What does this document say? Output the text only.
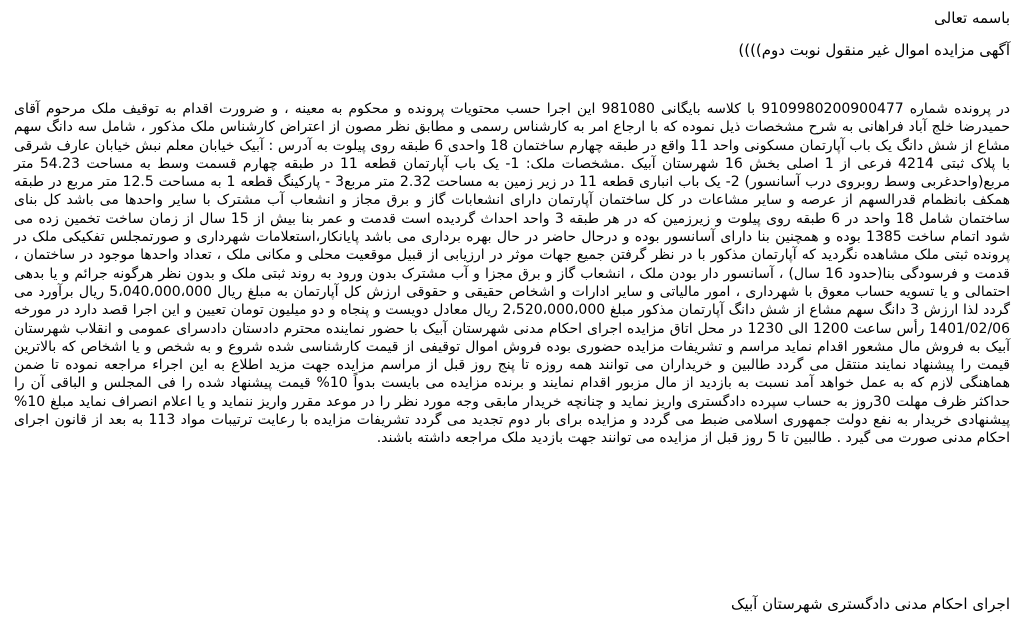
باسمه تعالی
آگهی مزایده اموال غیر منقول نوبت دوم))))
در پرونده شماره 9109980200900477 با کلاسه بایگانی 981080 این اجرا حسب محتویات پرونده و محکوم به معینه ، و ضرورت اقدام به توقیف ملک مرحوم آقای حمیدرضا خلج آباد فراهانی به شرح مشخصات ذیل نموده که با ارجاع امر به کارشناس رسمی و مطابق نظر مصون از اعتراض کارشناس ملک مذکور ، شامل سه دانگ سهم مشاع از شش دانگ یک باب آپارتمان مسکونی واحد 11 واقع در طبقه چهارم ساختمان 18 واحدی 6 طبقه روی پیلوت به آدرس : آبیک خیابان معلم نبش خیابان عارف شرقی با پلاک ثبتی 4214 فرعی از 1 اصلی بخش 16 شهرستان آبیک .مشخصات ملک: 1- یک باب آپارتمان قطعه 11 در طبقه چهارم قسمت وسط به مساحت 54.23 متر مربع(واحدغربی وسط روبروی درب آسانسور) 2- یک باب انباری قطعه 11 در زیر زمین به مساحت 2.32 متر مربع3 - پارکینگ قطعه 1 به مساحت 12.5 متر مربع در طبقه همکف بانظمام قدرالسهم از عرصه و سایر مشاعات در کل ساختمان آپارتمان دارای انشعابات گاز و برق مجاز و انشعاب آب مشترک با سایر واحدها می باشد کل بنای ساختمان شامل 18 واحد در 6 طبقه روی پیلوت و زیرزمین که در هر طبقه 3 واحد احداث گردیده است قدمت و عمر بنا بیش از 15 سال از زمان ساخت تخمین زده می شود اتمام ساخت 1385 بوده و همچنین بنا دارای آسانسور بوده و درحال حاضر در حال بهره برداری می باشد پایانکار،استعلامات شهرداری و صورتمجلس تفکیکی ملک در پرونده ثبتی ملک مشاهده نگردید که آپارتمان مذکور با در نظر گرفتن جمیع جهات موثر در ارزیابی از قبیل موقعیت محلی و مکانی ملک ، تعداد واحدها موجود در ساختمان ، قدمت و فرسودگی بنا(حدود 16 سال) ، آسانسور دار بودن ملک ، انشعاب گاز و برق مجزا و آب مشترک بدون ورود به روند ثبتی ملک و بدون نظر هرگونه جرائم و یا بدهی احتمالی و یا تسویه حساب معوق با شهرداری ، امور مالیاتی و سایر ادارات و اشخاص حقیقی و حقوقی ارزش کل آپارتمان به مبلغ ریال 5،040،000،000 ریال برآورد می گردد لذا ارزش 3 دانگ سهم مشاع از شش دانگ آپارتمان مذکور مبلغ 2،520،000،000 ریال معادل دویست و پنجاه و دو میلیون تومان تعیین و این اجرا قصد دارد در مورخه 1401/02/06 رأس ساعت 1200 الی 1230 در محل اتاق مزایده اجرای احکام مدنی شهرستان آبیک با حضور نماینده محترم دادستان دادسرای عمومی و انقلاب شهرستان آبیک به فروش مال مشعور اقدام نماید مراسم و تشریفات مزایده حضوری بوده فروش اموال توقیفی از قیمت کارشناسی شده شروع و به شخص و یا اشخاص که بالاترین قیمت را پیشنهاد نمایند منتقل می گردد طالبین و خریداران می توانند همه روزه تا پنج روز قبل از مراسم مزایده جهت مزید اطلاع به این اجراء مراجعه نموده تا ضمن هماهنگی لازم که به عمل خواهد آمد نسبت به بازدید از مال مزبور اقدام نمایند و برنده مزایده می بایست بدواً 10% قیمت پیشنهاد شده را فی المجلس و الباقی آن را حداکثر ظرف مهلت 30روز به حساب سپرده دادگستری واریز نماید و چنانچه خریدار مابقی وجه مورد نظر را در موعد مقرر واریز ننماید و یا اعلام انصراف نماید مبلغ 10% پیشنهادی خریدار به نفع دولت جمهوری اسلامی ضبط می گردد و مزایده برای بار دوم تجدید می گردد تشریفات مزایده با رعایت ترتیبات مواد 113 به بعد از قانون اجرای احکام مدنی صورت می گیرد . طالبین تا 5 روز قبل از مزایده می توانند جهت بازدید ملک مراجعه داشته باشند.
اجرای احکام مدنی دادگستری شهرستان آبیک
